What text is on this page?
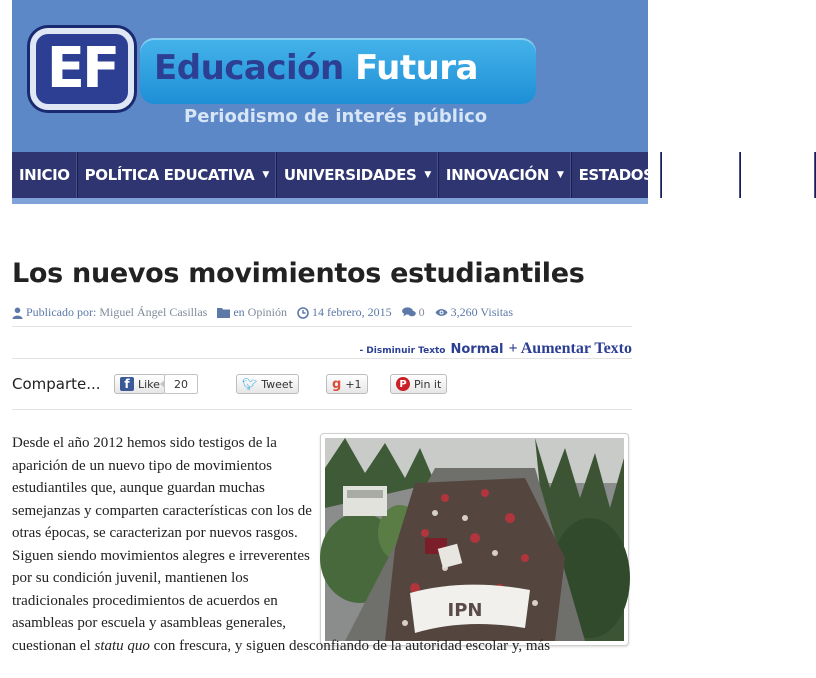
EF Educación Futura
Periodismo de interés público
INICIO POLÍTICA EDUCATIVA ▼ UNIVERSIDADES ▼ INNOVACIÓN ▼ ESTADOS GLOBAL VOZ DE
Los nuevos movimientos estudiantiles
Publicado por: Miguel Ángel Casillas en Opinión 14 febrero, 2015 0 3,260 Visitas
- Disminuir Texto Normal + Aumentar Texto
Comparte...	f Like	20	🐦︎ Tweet	g +1	P Pin it
IPN

Desde el año 2012 hemos sido testigos de la aparición de un nuevo tipo de movimientos estudiantiles que, aunque guardan muchas semejanzas y comparten características con los de otras épocas, se caracterizan por nuevos rasgos. Siguen siendo movimientos alegres e irreverentes por su condición juvenil, mantienen los tradicionales procedimientos de acuerdos en asambleas por escuela y asambleas generales,

cuestionan el statu quo con frescura, y siguen desconfiando de la autoridad escolar y, más
